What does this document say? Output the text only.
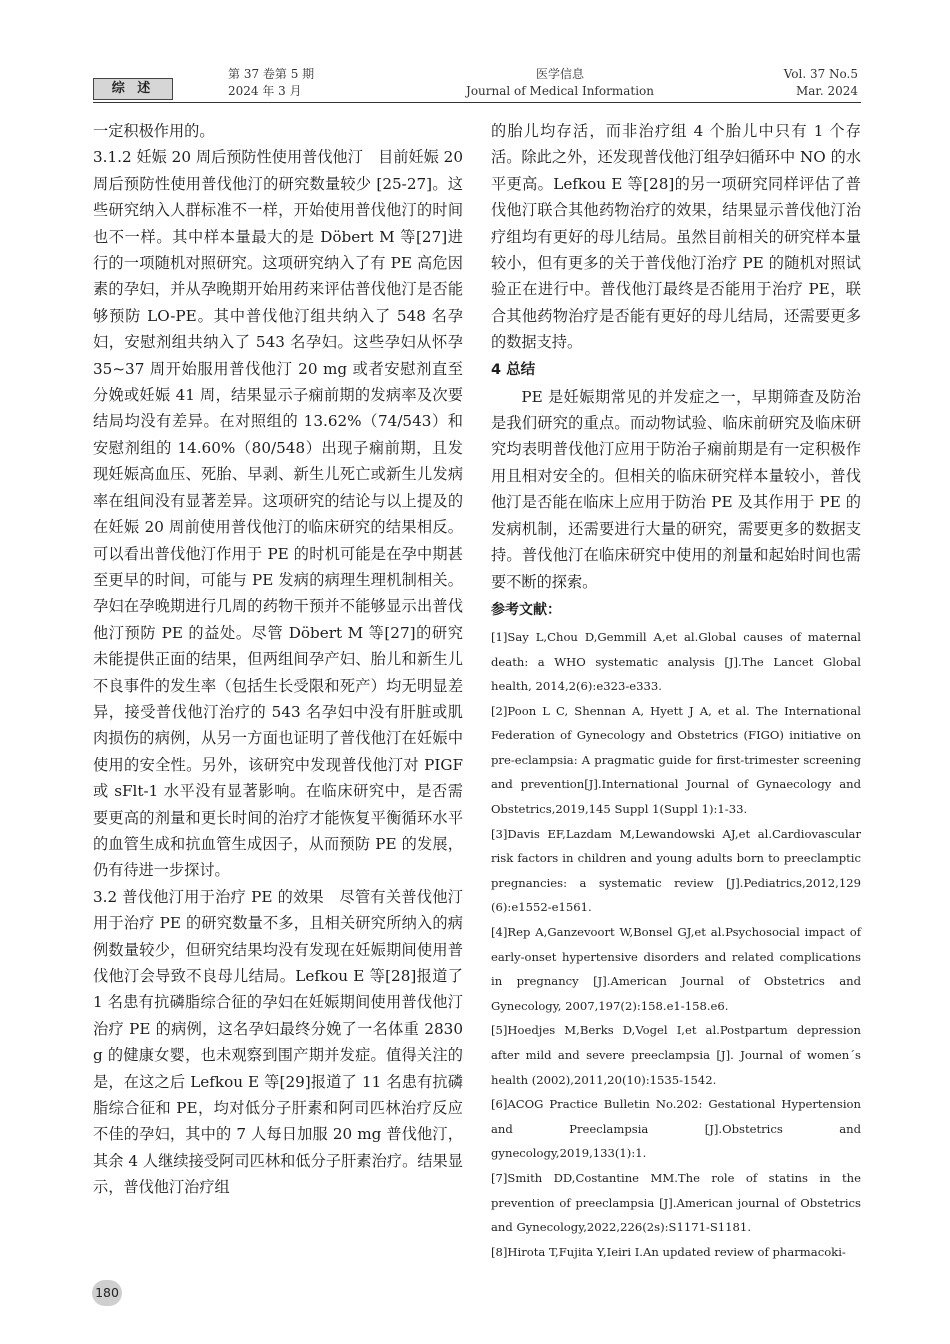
综 述
第 37 卷第 5 期
2024 年 3 月
医学信息
Journal of Medical Information
Vol. 37 No.5
Mar. 2024

一定积极作用的。

3.1.2 妊娠 20 周后预防性使用普伐他汀　目前妊娠 20 周后预防性使用普伐他汀的研究数量较少 [25-27]。这些研究纳入人群标准不一样，开始使用普伐他汀的时间也不一样。其中样本量最大的是 Döbert M 等[27]进行的一项随机对照研究。这项研究纳入了有 PE 高危因素的孕妇，并从孕晚期开始用药来评估普伐他汀是否能够预防 LO-PE。其中普伐他汀组共纳入了 548 名孕妇，安慰剂组共纳入了 543 名孕妇。这些孕妇从怀孕 35~37 周开始服用普伐他汀 20 mg 或者安慰剂直至分娩或妊娠 41 周，结果显示子痫前期的发病率及次要结局均没有差异。在对照组的 13.62%（74/543）和安慰剂组的 14.60%（80/548）出现子痫前期，且发现妊娠高血压、死胎、早剥、新生儿死亡或新生儿发病率在组间没有显著差异。这项研究的结论与以上提及的在妊娠 20 周前使用普伐他汀的临床研究的结果相反。可以看出普伐他汀作用于 PE 的时机可能是在孕中期甚至更早的时间，可能与 PE 发病的病理生理机制相关。孕妇在孕晚期进行几周的药物干预并不能够显示出普伐他汀预防 PE 的益处。尽管 Döbert M 等[27]的研究未能提供正面的结果，但两组间孕产妇、胎儿和新生儿不良事件的发生率（包括生长受限和死产）均无明显差异，接受普伐他汀治疗的 543 名孕妇中没有肝脏或肌肉损伤的病例，从另一方面也证明了普伐他汀在妊娠中使用的安全性。另外，该研究中发现普伐他汀对 PIGF 或 sFlt-1 水平没有显著影响。在临床研究中，是否需要更高的剂量和更长时间的治疗才能恢复平衡循环水平的血管生成和抗血管生成因子，从而预防 PE 的发展，仍有待进一步探讨。

3.2 普伐他汀用于治疗 PE 的效果　尽管有关普伐他汀用于治疗 PE 的研究数量不多，且相关研究所纳入的病例数量较少，但研究结果均没有发现在妊娠期间使用普伐他汀会导致不良母儿结局。Lefkou E 等[28]报道了 1 名患有抗磷脂综合征的孕妇在妊娠期间使用普伐他汀治疗 PE 的病例，这名孕妇最终分娩了一名体重 2830 g 的健康女婴，也未观察到围产期并发症。值得关注的是，在这之后 Lefkou E 等[29]报道了 11 名患有抗磷脂综合征和 PE，均对低分子肝素和阿司匹林治疗反应不佳的孕妇，其中的 7 人每日加服 20 mg 普伐他汀，其余 4 人继续接受阿司匹林和低分子肝素治疗。结果显示，普伐他汀治疗组

的胎儿均存活，而非治疗组 4 个胎儿中只有 1 个存活。除此之外，还发现普伐他汀组孕妇循环中 NO 的水平更高。Lefkou E 等[28]的另一项研究同样评估了普伐他汀联合其他药物治疗的效果，结果显示普伐他汀治疗组均有更好的母儿结局。虽然目前相关的研究样本量较小，但有更多的关于普伐他汀治疗 PE 的随机对照试验正在进行中。普伐他汀最终是否能用于治疗 PE，联合其他药物治疗是否能有更好的母儿结局，还需要更多的数据支持。

4 总结

PE 是妊娠期常见的并发症之一，早期筛查及防治是我们研究的重点。而动物试验、临床前研究及临床研究均表明普伐他汀应用于防治子痫前期是有一定积极作用且相对安全的。但相关的临床研究样本量较小，普伐他汀是否能在临床上应用于防治 PE 及其作用于 PE 的发病机制，还需要进行大量的研究，需要更多的数据支持。普伐他汀在临床研究中使用的剂量和起始时间也需要不断的探索。

参考文献：

[1]Say L,Chou D,Gemmill A,et al.Global causes of maternal death: a WHO systematic analysis [J].The Lancet Global health, 2014,2(6):e323-e333.

[2]Poon L C, Shennan A, Hyett J A, et al. The International Federation of Gynecology and Obstetrics (FIGO) initiative on pre-eclampsia: A pragmatic guide for first-trimester screening and prevention[J].International Journal of Gynaecology and Obstetrics,2019,145 Suppl 1(Suppl 1):1-33.

[3]Davis EF,Lazdam M,Lewandowski AJ,et al.Cardiovascular risk factors in children and young adults born to preeclamptic pregnancies: a systematic review [J].Pediatrics,2012,129 (6):e1552-e1561.

[4]Rep A,Ganzevoort W,Bonsel GJ,et al.Psychosocial impact of early-onset hypertensive disorders and related complications in pregnancy [J].American Journal of Obstetrics and Gynecology, 2007,197(2):158.e1-158.e6.

[5]Hoedjes M,Berks D,Vogel I,et al.Postpartum depression after mild and severe preeclampsia [J]. Journal of women´s health (2002),2011,20(10):1535-1542.

[6]ACOG Practice Bulletin No.202: Gestational Hypertension and Preeclampsia [J].Obstetrics and gynecology,2019,133(1):1.

[7]Smith DD,Costantine MM.The role of statins in the prevention of preeclampsia [J].American journal of Obstetrics and Gynecology,2022,226(2s):S1171-S1181.

[8]Hirota T,Fujita Y,Ieiri I.An updated review of pharmacoki-

180
